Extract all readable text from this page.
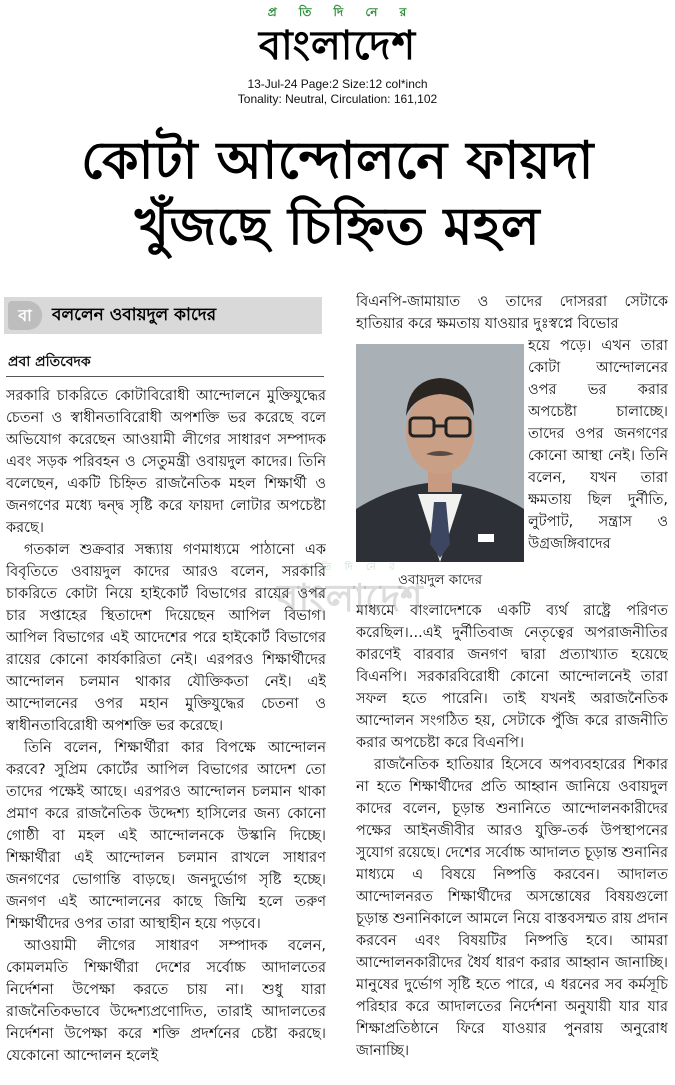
প্র তি দি নে র
বাংলাদেশ
13-Jul-24 Page:2 Size:12 col*inch
Tonality: Neutral, Circulation: 161,102
কোটা আন্দোলনে ফায়দা
খুঁজছে চিহ্নিত মহল
বা	বললেন ওবায়দুল কাদের
প্রবা প্রতিবেদক

সরকারি চাকরিতে কোটাবিরোধী আন্দোলনে মুক্তিযুদ্ধের চেতনা ও স্বাধীনতাবিরোধী অপশক্তি ভর করেছে বলে অভিযোগ করেছেন আওয়ামী লীগের সাধারণ সম্পাদক এবং সড়ক পরিবহন ও সেতুমন্ত্রী ওবায়দুল কাদের। তিনি বলেছেন, একটি চিহ্নিত রাজনৈতিক মহল শিক্ষার্থী ও জনগণের মধ্যে দ্বন্দ্ব সৃষ্টি করে ফায়দা লোটার অপচেষ্টা করছে।

গতকাল শুক্রবার সন্ধ্যায় গণমাধ্যমে পাঠানো এক বিবৃতিতে ওবায়দুল কাদের আরও বলেন, সরকারি চাকরিতে কোটা নিয়ে হাইকোর্ট বিভাগের রায়ের ওপর চার সপ্তাহের স্থিতাদেশ দিয়েছেন আপিল বিভাগ। আপিল বিভাগের এই আদেশের পরে হাইকোর্ট বিভাগের রায়ের কোনো কার্যকারিতা নেই। এরপরও শিক্ষার্থীদের আন্দোলন চলমান থাকার যৌক্তিকতা নেই। এই আন্দোলনের ওপর মহান মুক্তিযুদ্ধের চেতনা ও স্বাধীনতাবিরোধী অপশক্তি ভর করেছে।

তিনি বলেন, শিক্ষার্থীরা কার বিপক্ষে আন্দোলন করবে? সুপ্রিম কোর্টের আপিল বিভাগের আদেশ তো তাদের পক্ষেই আছে। এরপরও আন্দোলন চলমান থাকা প্রমাণ করে রাজনৈতিক উদ্দেশ্য হাসিলের জন্য কোনো গোষ্ঠী বা মহল এই আন্দোলনকে উস্কানি দিচ্ছে। শিক্ষার্থীরা এই আন্দোলন চলমান রাখলে সাধারণ জনগণের ভোগান্তি বাড়ছে। জনদুর্ভোগ সৃষ্টি হচ্ছে। জনগণ এই আন্দোলনের কাছে জিম্মি হলে তরুণ শিক্ষার্থীদের ওপর তারা আস্থাহীন হয়ে পড়বে।

আওয়ামী লীগের সাধারণ সম্পাদক বলেন, কোমলমতি শিক্ষার্থীরা দেশের সর্বোচ্চ আদালতের নির্দেশনা উপেক্ষা করতে চায় না। শুধু যারা রাজনৈতিকভাবে উদ্দেশ্যপ্রণোদিত, তারাই আদালতের নির্দেশনা উপেক্ষা করে শক্তি প্রদর্শনের চেষ্টা করছে। যেকোনো আন্দোলন হলেই

বিএনপি-জামায়াত ও তাদের দোসররা সেটাকে হাতিয়ার করে ক্ষমতায় যাওয়ার দুঃস্বপ্নে বিভোর

ওবায়দুল কাদের

হয়ে পড়ে। এখন তারা কোটা আন্দোলনের ওপর ভর করার অপচেষ্টা চালাচ্ছে। তাদের ওপর জনগণের কোনো আস্থা নেই। তিনি বলেন, যখন তারা ক্ষমতায় ছিল দুর্নীতি, লুটপাট, সন্ত্রাস ও উগ্রজঙ্গিবাদের

মাধ্যমে বাংলাদেশকে একটি ব্যর্থ রাষ্ট্রে পরিণত করেছিল।...এই দুর্নীতিবাজ নেতৃত্বের অপরাজনীতির কারণেই বারবার জনগণ দ্বারা প্রত্যাখ্যাত হয়েছে বিএনপি। সরকারবিরোধী কোনো আন্দোলনেই তারা সফল হতে পারেনি। তাই যখনই অরাজনৈতিক আন্দোলন সংগঠিত হয়, সেটাকে পুঁজি করে রাজনীতি করার অপচেষ্টা করে বিএনপি।

রাজনৈতিক হাতিয়ার হিসেবে অপব্যবহারের শিকার না হতে শিক্ষার্থীদের প্রতি আহ্বান জানিয়ে ওবায়দুল কাদের বলেন, চূড়ান্ত শুনানিতে আন্দোলনকারীদের পক্ষের আইনজীবীর আরও যুক্তি-তর্ক উপস্থাপনের সুযোগ রয়েছে। দেশের সর্বোচ্চ আদালত চূড়ান্ত শুনানির মাধ্যমে এ বিষয়ে নিষ্পত্তি করবেন। আদালত আন্দোলনরত শিক্ষার্থীদের অসন্তোষের বিষয়গুলো চূড়ান্ত শুনানিকালে আমলে নিয়ে বাস্তবসম্মত রায় প্রদান করবেন এবং বিষয়টির নিষ্পত্তি হবে। আমরা আন্দোলনকারীদের ধৈর্য ধারণ করার আহ্বান জানাচ্ছি। মানুষের দুর্ভোগ সৃষ্টি হতে পারে, এ ধরনের সব কর্মসূচি পরিহার করে আদালতের নির্দেশনা অনুযায়ী যার যার শিক্ষাপ্রতিষ্ঠানে ফিরে যাওয়ার পুনরায় অনুরোধ জানাচ্ছি।

প্র তি দি নে র
বাংলাদেশ
